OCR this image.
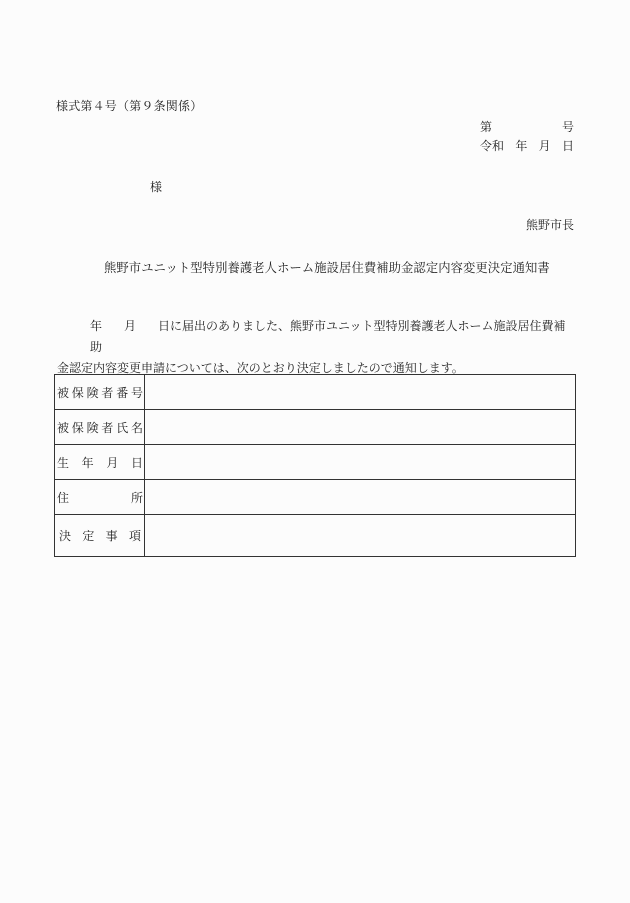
様式第４号（第９条関係）
第	号
令和 年 月 日
様
熊野市長
熊野市ユニット型特別養護老人ホーム施設居住費補助金認定内容変更決定通知書
年 月 日に届出のありました、熊野市ユニット型特別養護老人ホーム施設居住費補助
金認定内容変更申請については、次のとおり決定しましたので通知します。
被 保 険 者 番 号

被 保 険 者 氏 名

生 年 月 日	

住 所	

決 定 事 項	
